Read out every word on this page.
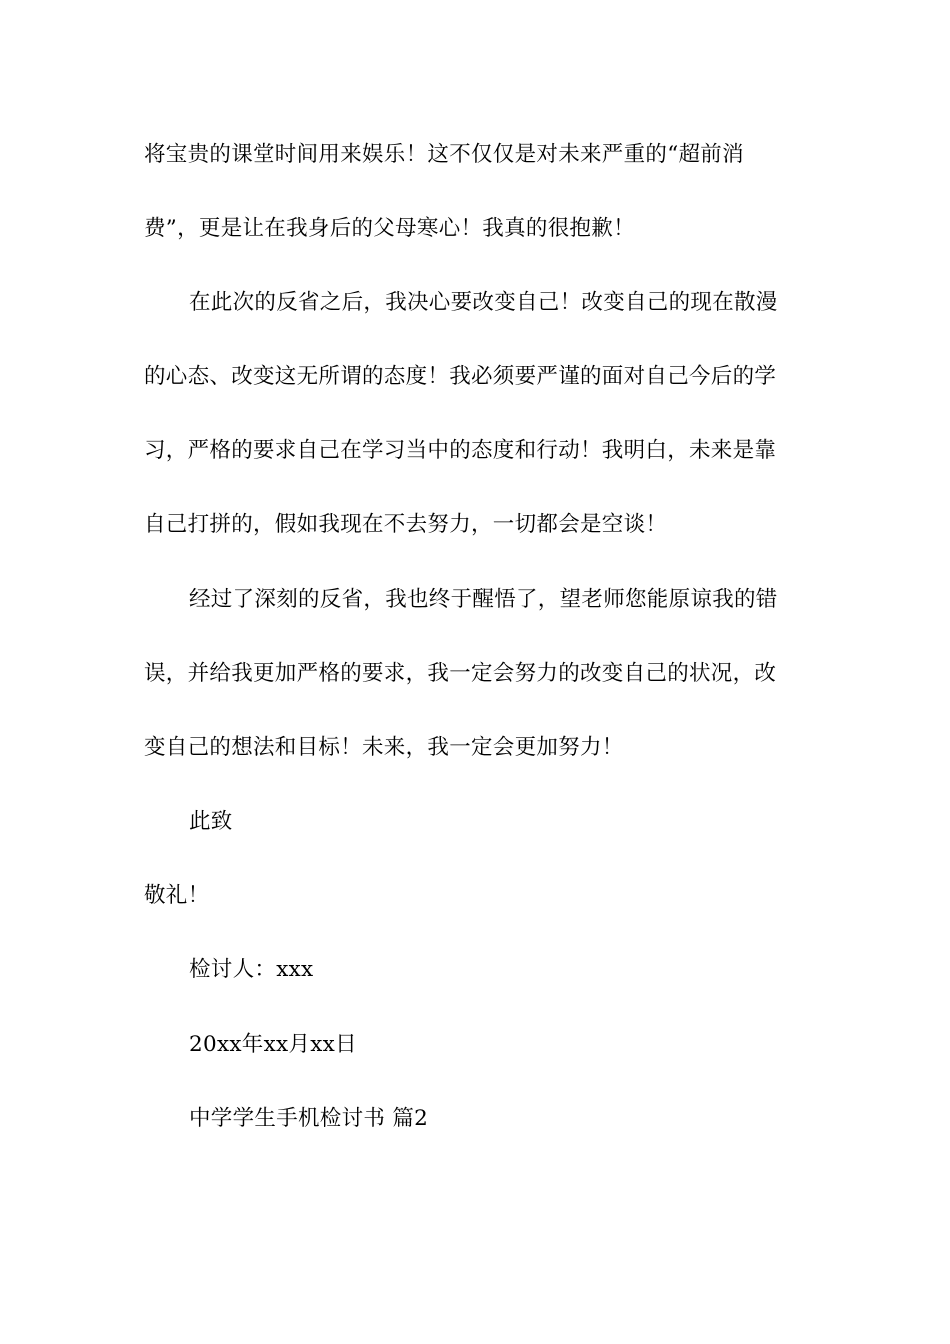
将宝贵的课堂时间用来娱乐！这不仅仅是对未来严重的“超前消
费”，更是让在我身后的父母寒心！我真的很抱歉！
在此次的反省之后，我决心要改变自己！改变自己的现在散漫
的心态、改变这无所谓的态度！我必须要严谨的面对自己今后的学
习，严格的要求自己在学习当中的态度和行动！我明白，未来是靠
自己打拼的，假如我现在不去努力，一切都会是空谈！
经过了深刻的反省，我也终于醒悟了，望老师您能原谅我的错
误，并给我更加严格的要求，我一定会努力的改变自己的状况，改
变自己的想法和目标！未来，我一定会更加努力！
此致
敬礼！
检讨人：xxx
20xx年xx月xx日
中学学生手机检讨书 篇2
